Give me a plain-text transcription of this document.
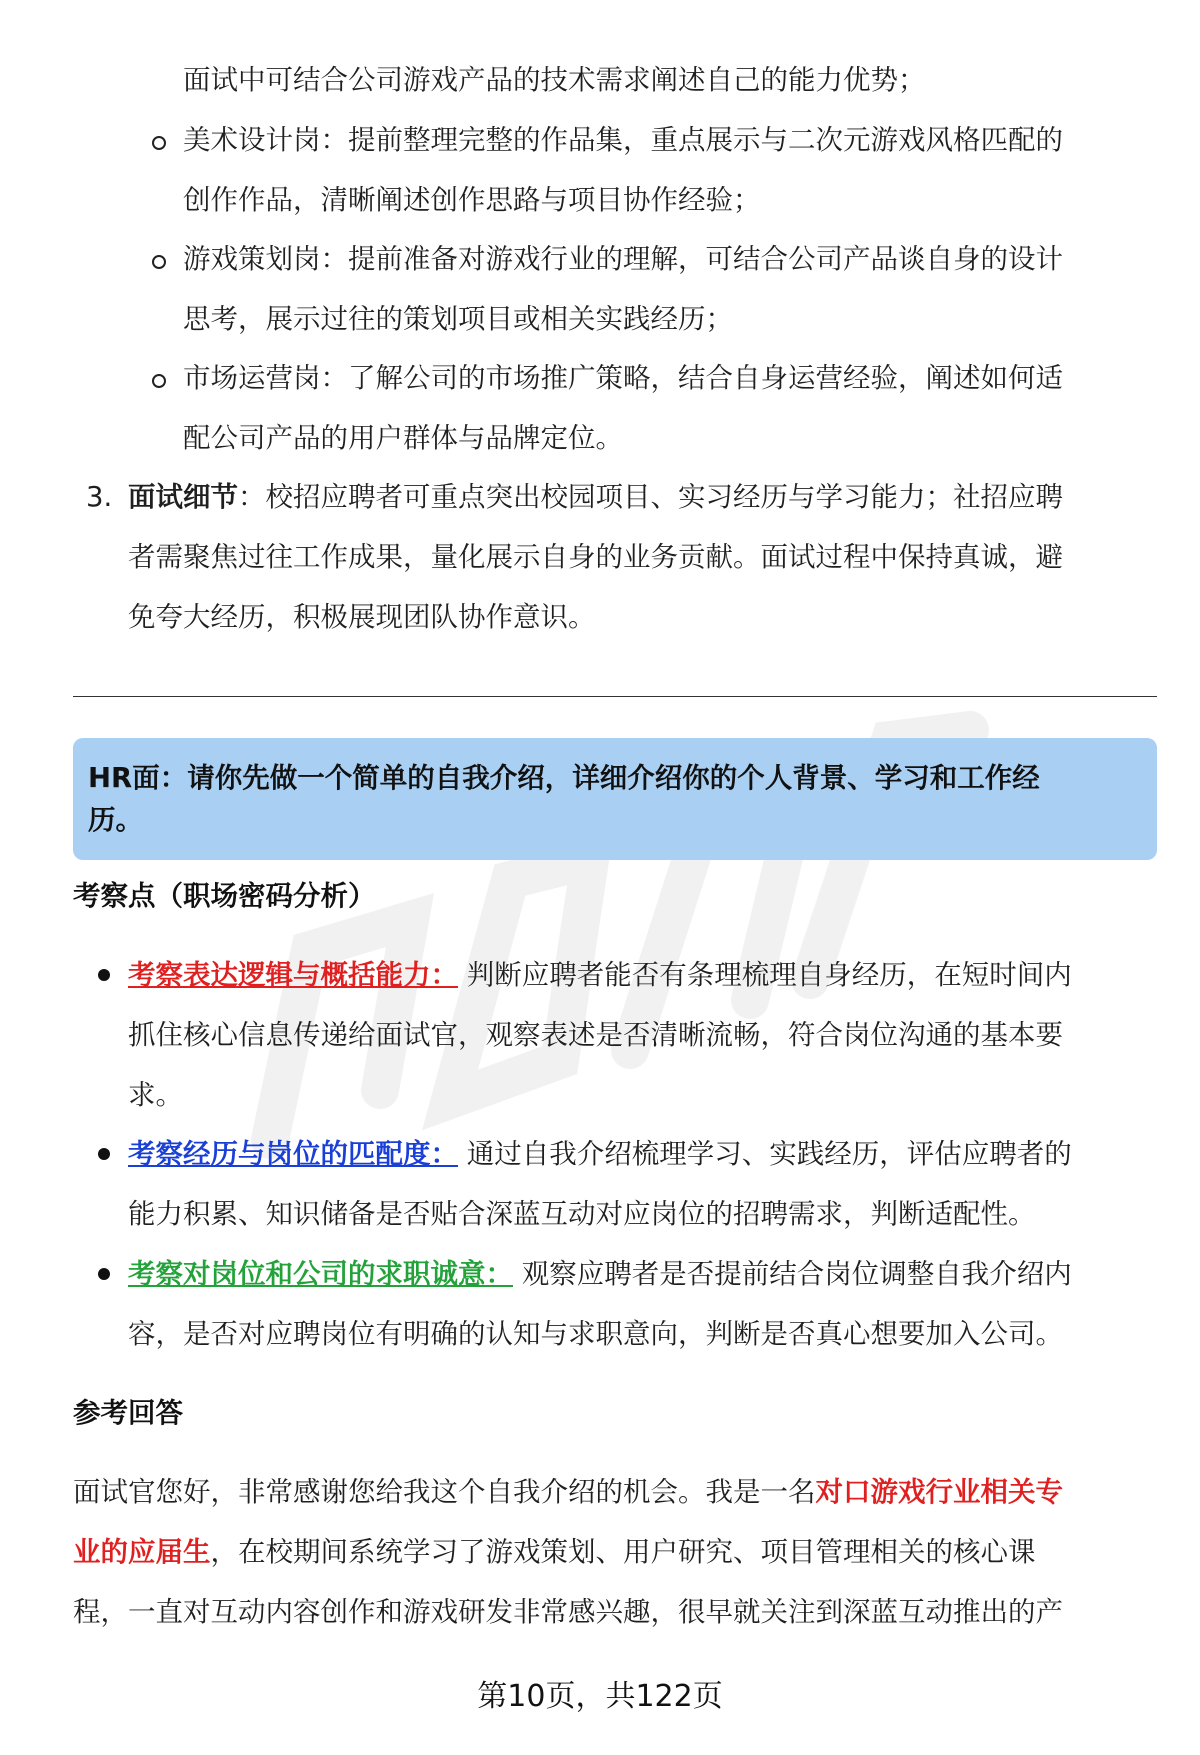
面试中可结合公司游戏产品的技术需求阐述自己的能力优势；
美术设计岗：提前整理完整的作品集，重点展示与二次元游戏风格匹配的
创作作品，清晰阐述创作思路与项目协作经验；
游戏策划岗：提前准备对游戏行业的理解，可结合公司产品谈自身的设计
思考，展示过往的策划项目或相关实践经历；
市场运营岗：了解公司的市场推广策略，结合自身运营经验，阐述如何适
配公司产品的用户群体与品牌定位。
3. 面试细节：校招应聘者可重点突出校园项目、实习经历与学习能力；社招应聘
者需聚焦过往工作成果，量化展示自身的业务贡献。面试过程中保持真诚，避
免夸大经历，积极展现团队协作意识。
HR面：请你先做一个简单的自我介绍，详细介绍你的个人背景、学习和工作经
历。
考察点（职场密码分析）
考察表达逻辑与概括能力： 判断应聘者能否有条理梳理自身经历，在短时间内
抓住核心信息传递给面试官，观察表述是否清晰流畅，符合岗位沟通的基本要
求。
考察经历与岗位的匹配度： 通过自我介绍梳理学习、实践经历，评估应聘者的
能力积累、知识储备是否贴合深蓝互动对应岗位的招聘需求，判断适配性。
考察对岗位和公司的求职诚意： 观察应聘者是否提前结合岗位调整自我介绍内
容，是否对应聘岗位有明确的认知与求职意向，判断是否真心想要加入公司。
参考回答
面试官您好，非常感谢您给我这个自我介绍的机会。我是一名对口游戏行业相关专
业的应届生，在校期间系统学习了游戏策划、用户研究、项目管理相关的核心课
程，一直对互动内容创作和游戏研发非常感兴趣，很早就关注到深蓝互动推出的产
第10页，共122页
